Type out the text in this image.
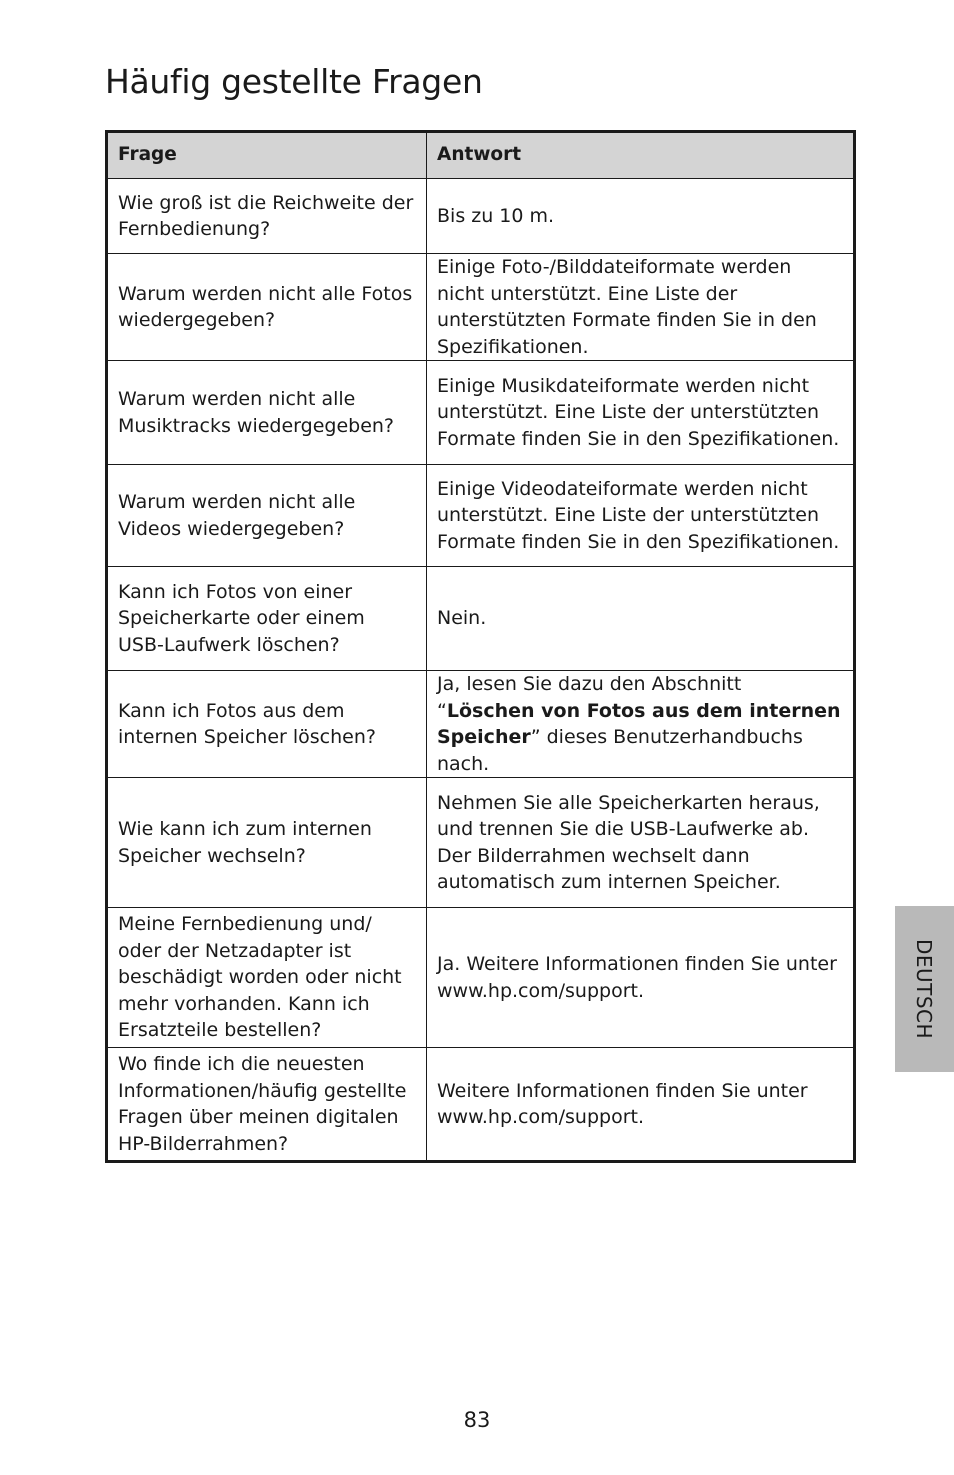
Häufig gestellte Fragen
Frage	Antwort
Wie groß ist die Reichweite der Fernbedienung?	Bis zu 10 m.
Warum werden nicht alle Fotos wiedergegeben?	Einige Foto-/Bilddateiformate werden nicht unterstützt. Eine Liste der unterstützten Formate finden Sie in den Spezifikationen.
Warum werden nicht alle Musiktracks wiedergegeben?	Einige Musikdateiformate werden nicht unterstützt. Eine Liste der unterstützten Formate finden Sie in den Spezifikationen.
Warum werden nicht alle Videos wiedergegeben?	Einige Videodateiformate werden nicht unterstützt. Eine Liste der unterstützten Formate finden Sie in den Spezifikationen.
Kann ich Fotos von einer Speicherkarte oder einem USB-Laufwerk löschen?	Nein.
Kann ich Fotos aus dem internen Speicher löschen?	Ja, lesen Sie dazu den Abschnitt “Löschen von Fotos aus dem internen Speicher” dieses Benutzerhandbuchs nach.
Wie kann ich zum internen Speicher wechseln?	Nehmen Sie alle Speicherkarten heraus, und trennen Sie die USB-Laufwerke ab. Der Bilderrahmen wechselt dann automatisch zum internen Speicher.
Meine Fernbedienung und/ oder der Netzadapter ist beschädigt worden oder nicht mehr vorhanden. Kann ich Ersatzteile bestellen?	Ja. Weitere Informationen finden Sie unter www.hp.com/support.
Wo finde ich die neuesten Informationen/häufig gestellte Fragen über meinen digitalen HP-Bilderrahmen?	Weitere Informationen finden Sie unter www.hp.com/support.
DEUTSCH
83
